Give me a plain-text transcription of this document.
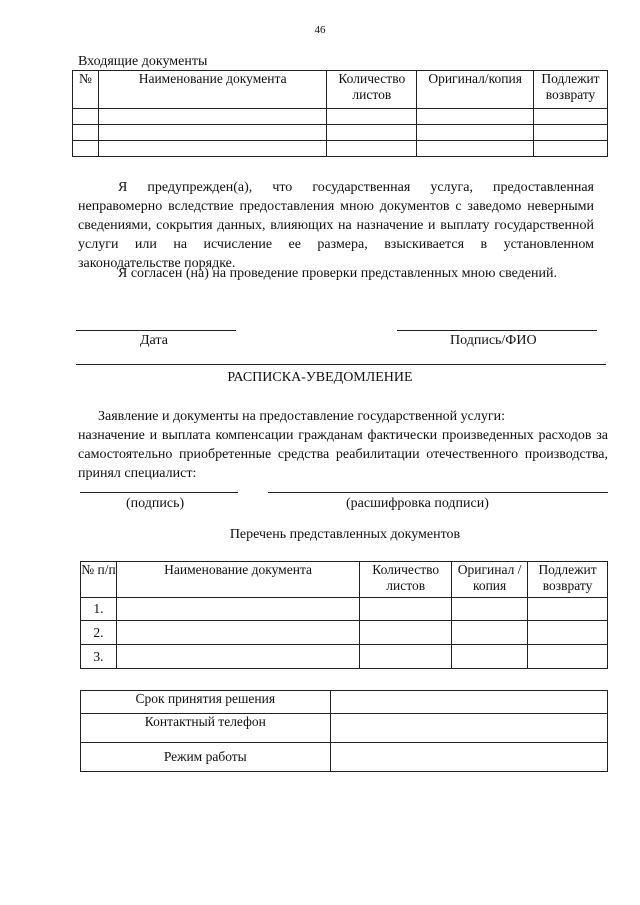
46
Входящие документы
№	Наименование документа	Количество листов	Оригинал/копия	Подлежит возврату

Я предупрежден(а), что государственная услуга, предоставленная неправомерно вследствие предоставления мною документов с заведомо неверными сведениями, сокрытия данных, влияющих на назначение и выплату государственной услуги или на исчисление ее размера, взыскивается в установленном законодательстве порядке.
Я согласен (на) на проведение проверки представленных мною сведений.
Дата	Подпись/ФИО
РАСПИСКА-УВЕДОМЛЕНИЕ
Заявление и документы на предоставление государственной услуги:
назначение и выплата компенсации гражданам фактически произведенных расходов за самостоятельно приобретенные средства реабилитации отечественного производства, принял специалист:
(подпись)	(расшифровка подписи)
Перечень представленных документов
№ п/п	Наименование документа	Количество листов	Оригинал /копия	Подлежит возврату
1.				
2.				
3.				
Срок принятия решения	
Контактный телефон	
Режим работы	
